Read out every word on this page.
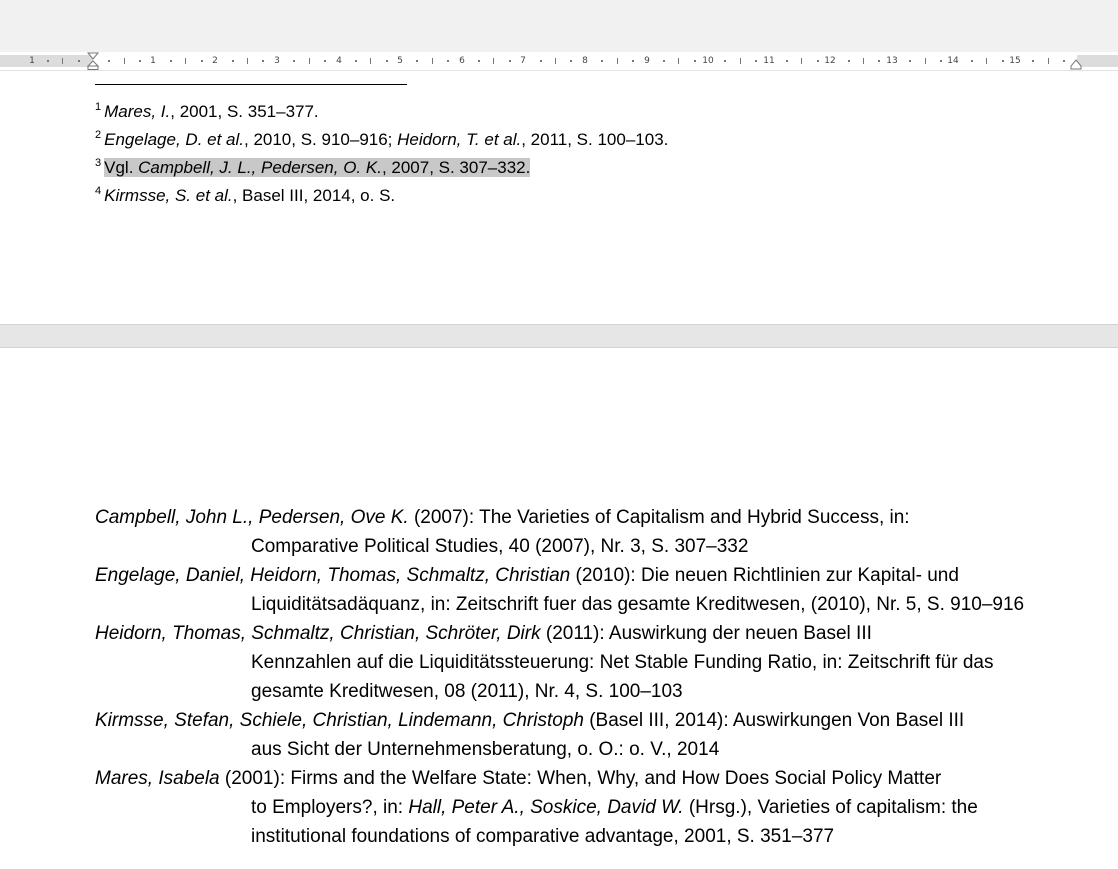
1	1	2	3	4	5	6	7	8	9	10	11	12	13	14	15
$^1$ Mares, I., 2001, S. 351–377.
$^2$ Engelage, D. et al., 2010, S. 910–916; Heidorn, T. et al., 2011, S. 100–103.
$^3$ Vgl. Campbell, J. L., Pedersen, O. K., 2007, S. 307–332.
$^4$ Kirmsse, S. et al., Basel III, 2014, o. S.
Campbell, John L., Pedersen, Ove K. (2007): The Varieties of Capitalism and Hybrid Success, in:
Comparative Political Studies, 40 (2007), Nr. 3, S. 307–332
Engelage, Daniel, Heidorn, Thomas, Schmaltz, Christian (2010): Die neuen Richtlinien zur Kapital- und
Liquiditätsadäquanz, in: Zeitschrift fuer das gesamte Kreditwesen, (2010), Nr. 5, S. 910–916
Heidorn, Thomas, Schmaltz, Christian, Schröter, Dirk (2011): Auswirkung der neuen Basel III
Kennzahlen auf die Liquiditätssteuerung: Net Stable Funding Ratio, in: Zeitschrift für das
gesamte Kreditwesen, 08 (2011), Nr. 4, S. 100–103
Kirmsse, Stefan, Schiele, Christian, Lindemann, Christoph (Basel III, 2014): Auswirkungen Von Basel III
aus Sicht der Unternehmensberatung, o. O.: o. V., 2014
Mares, Isabela (2001): Firms and the Welfare State: When, Why, and How Does Social Policy Matter
to Employers?, in: Hall, Peter A., Soskice, David W. (Hrsg.), Varieties of capitalism: the
institutional foundations of comparative advantage, 2001, S. 351–377
